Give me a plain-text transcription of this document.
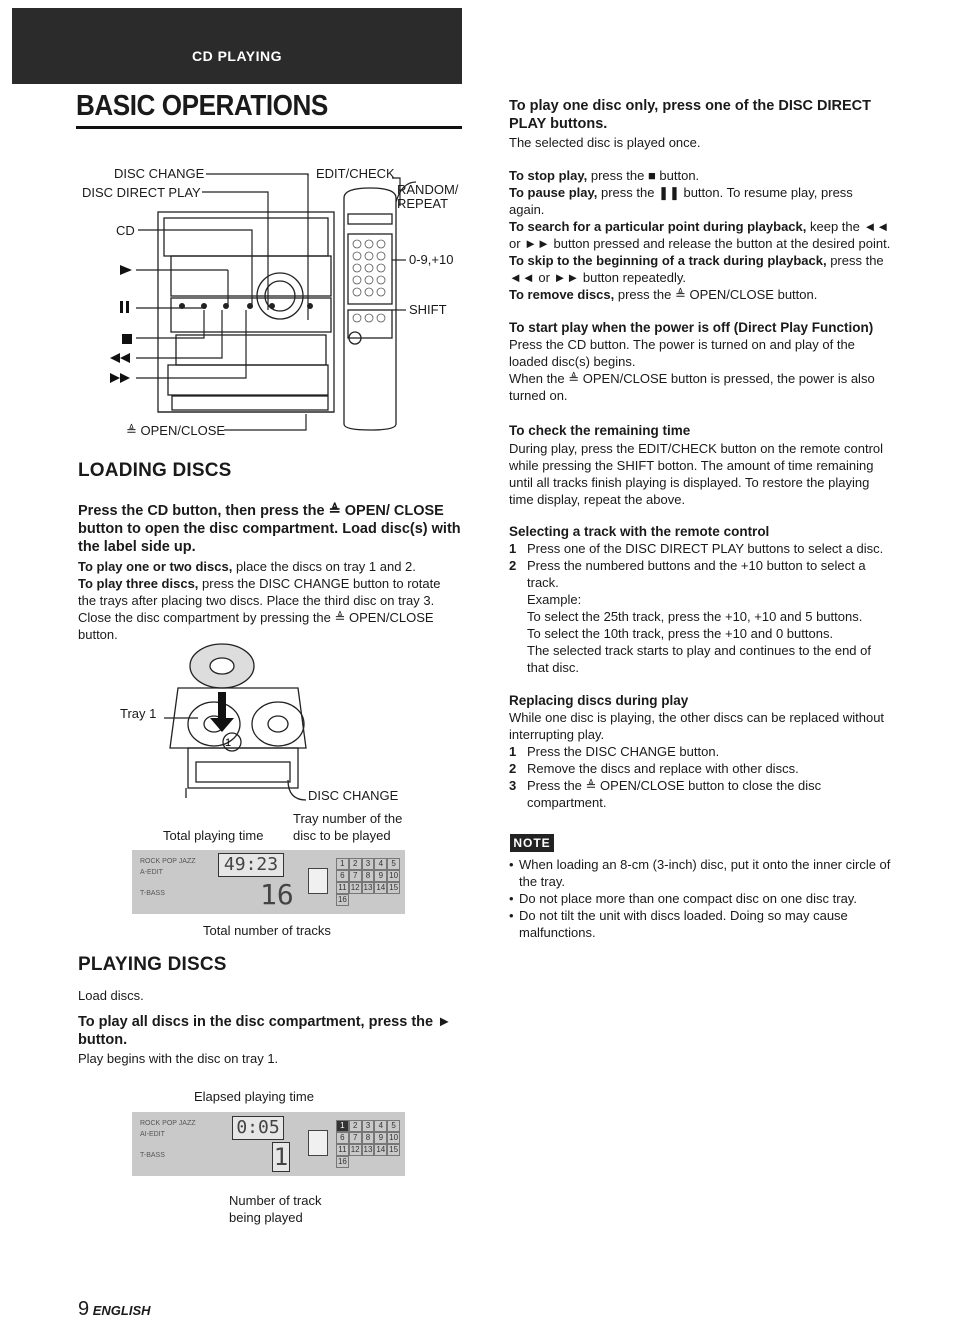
CD PLAYING
BASIC OPERATIONS
DISC CHANGE
DISC DIRECT PLAY
EDIT/CHECK
RANDOM/
REPEAT
CD
0-9,+10
SHIFT
≜ OPEN/CLOSE
LOADING DISCS
Press the CD button, then press the ≜ OPEN/ CLOSE button to open the disc compartment. Load disc(s) with the label side up.
To play one or two discs, place the discs on tray 1 and 2.
To play three discs, press the DISC CHANGE button to rotate the trays after placing two discs. Place the third disc on tray 3. Close the disc compartment by pressing the ≜ OPEN/CLOSE button.
1
Tray 1
DISC CHANGE
Tray number of the
Total playing time disc to be played
ROCK POP JAZZ
A-EDIT
T-BASS
49:23
16
1	2	3	4	5
6	7	8	9 10
11 12 13 14 15
16
Total number of tracks
PLAYING DISCS
Load discs.
To play all discs in the disc compartment, press the ► button.
Play begins with the disc on tray 1.
Elapsed playing time
ROCK POP JAZZ
AI-EDIT
T-BASS
0:05
1
1	2	3	4	5
6	7	8	9 10
11 12 13 14 15
16
Number of track
being played
To play one disc only, press one of the DISC DIRECT PLAY buttons.
The selected disc is played once.
To stop play, press the ■ button.
To pause play, press the ❚❚ button. To resume play, press again.
To search for a particular point during playback, keep the ◄◄ or ►► button pressed and release the button at the desired point.
To skip to the beginning of a track during playback, press the ◄◄ or ►► button repeatedly.
To remove discs, press the ≜ OPEN/CLOSE button.
To start play when the power is off (Direct Play Function)
Press the CD button. The power is turned on and play of the loaded disc(s) begins.
When the ≜ OPEN/CLOSE button is pressed, the power is also turned on.
To check the remaining time
During play, press the EDIT/CHECK button on the remote control while pressing the SHIFT botton. The amount of time remaining until all tracks finish playing is displayed. To restore the playing time display, repeat the above.
Selecting a track with the remote control
1 Press one of the DISC DIRECT PLAY buttons to select a disc.
2 Press the numbered buttons and the +10 button to select a track.
Example:
To select the 25th track, press the +10, +10 and 5 buttons.
To select the 10th track, press the +10 and 0 buttons.
The selected track starts to play and continues to the end of that disc.
Replacing discs during play
While one disc is playing, the other discs can be replaced without interrupting play.
1 Press the DISC CHANGE button.
2 Remove the discs and replace with other discs.
3 Press the ≜ OPEN/CLOSE button to close the disc compartment.
NOTE
• When loading an 8-cm (3-inch) disc, put it onto the inner circle of the tray.
• Do not place more than one compact disc on one disc tray.
• Do not tilt the unit with discs loaded. Doing so may cause malfunctions.
9 ENGLISH
